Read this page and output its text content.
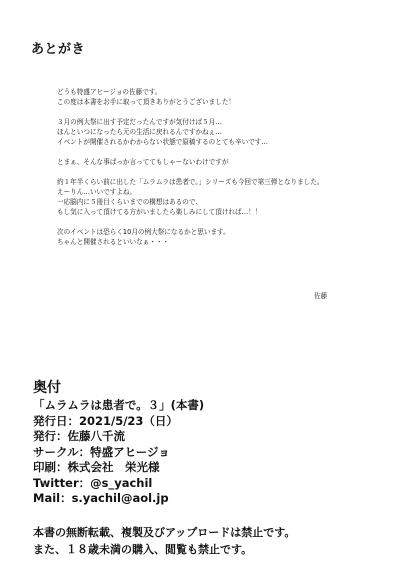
あとがき
どうも特盛アヒージョの佐藤です。
この度は本書をお手に取って頂きありがとうございました！
３月の例大祭に出す予定だったんですが気付けば５月…
ほんといつになったら元の生活に戻れるんですかねぇ…
イベントが開催されるかわからない状態で原稿するのとても辛いです…
とまぁ、そんな事ばっか言っててもしゃーないわけですが
約１年半くらい前に出した「ムラムラは患者で。」シリーズも今回で第三弾となりました。
えーりん…いいですよね。
一応脳内に５冊目くらいまでの構想はあるので、
もし気に入って頂けてる方がいましたら楽しみにして頂ければ…！！
次のイベントは恐らく10月の例大祭になるかと思います。
ちゃんと開催されるといいなぁ・・・
佐藤
奥付
「ムラムラは患者で。３」(本書)
発行日：2021/5/23（日）
発行：佐藤八千流
サークル：特盛アヒージョ
印刷：株式会社　栄光様
Twitter：@s_yachil
Mail：s.yachil@aol.jp
本書の無断転載、複製及びアップロードは禁止です。
また、１８歳未満の購入、閲覧も禁止です。
